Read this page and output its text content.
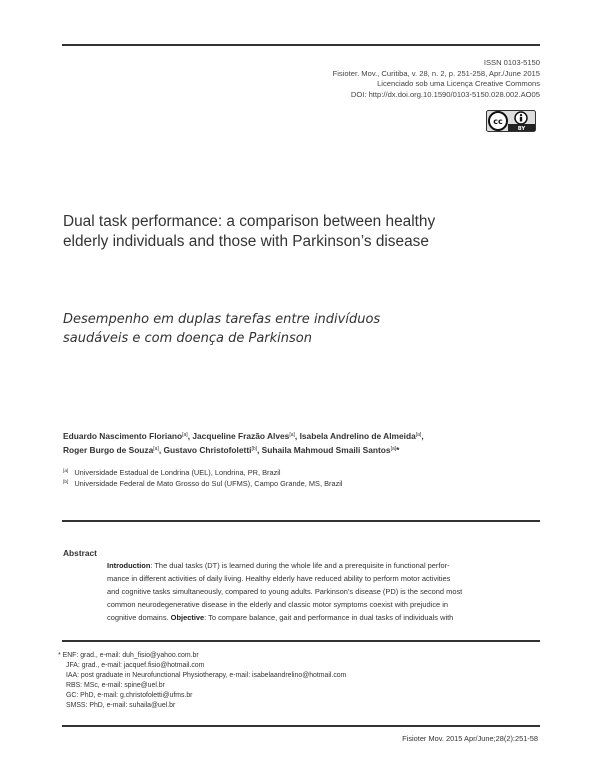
ISSN 0103-5150
Fisioter. Mov., Curitiba, v. 28, n. 2, p. 251-258, Apr./June 2015
Licenciado sob uma Licença Creative Commons
DOI: http://dx.doi.org.10.1590/0103-5150.028.002.AO05
cc
BY
Dual task performance: a comparison between healthy
elderly individuals and those with Parkinson’s disease
Desempenho em duplas tarefas entre indivíduos
saudáveis e com doença de Parkinson
Eduardo Nascimento Floriano[a], Jacqueline Frazão Alves[a], Isabela Andrelino de Almeida[a],
Roger Burgo de Souza[a], Gustavo Christofoletti[b], Suhaila Mahmoud Smaili Santos[a]*
[a] Universidade Estadual de Londrina (UEL), Londrina, PR, Brazil
[b] Universidade Federal de Mato Grosso do Sul (UFMS), Campo Grande, MS, Brazil
Abstract
Introduction: The dual tasks (DT) is learned during the whole life and a prerequisite in functional perfor-
mance in different activities of daily living. Healthy elderly have reduced ability to perform motor activities
and cognitive tasks simultaneously, compared to young adults. Parkinson’s disease (PD) is the second most
common neurodegenerative disease in the elderly and classic motor symptoms coexist with prejudice in
cognitive domains. Objective: To compare balance, gait and performance in dual tasks of individuals with
* ENF: grad., e-mail: duh_fisio@yahoo.com.br
JFA: grad., e-mail: jacquef.fisio@hotmail.com
IAA: post graduate in Neurofunctional Physiotherapy, e-mail: isabelaandrelino@hotmail.com
RBS: MSc, e-mail: spine@uel.br
GC: PhD, e-mail: g.christofoletti@ufms.br
SMSS: PhD, e-mail: suhaila@uel.br
Fisioter Mov. 2015 Apr/June;28(2):251-58
